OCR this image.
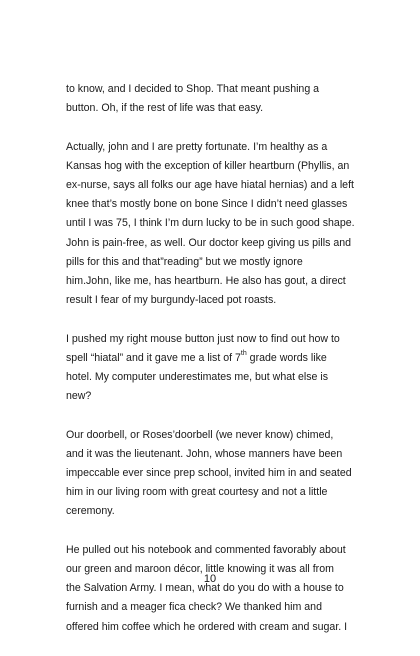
to know, and I decided to Shop. That meant pushing a
button. Oh, if the rest of life was that easy.

Actually, john and I are pretty fortunate. I’m healthy as a
Kansas hog with the exception of killer heartburn (Phyllis, an
ex-nurse, says all folks our age have hiatal hernias) and a left
knee that’s mostly bone on bone Since I didn’t need glasses
until I was 75, I think I’m durn lucky to be in such good shape.
John is pain-free, as well. Our doctor keep giving us pills and
pills for this and that”reading” but we mostly ignore
him.John, like me, has heartburn. He also has gout, a direct
result I fear of my burgundy-laced pot roasts.

I pushed my right mouse button just now to find out how to
spell “hiatal” and it gave me a list of 7th grade words like
hotel. My computer underestimates me, but what else is
new?

Our doorbell, or Roses’doorbell (we never know) chimed,
and it was the lieutenant. John, whose manners have been
impeccable ever since prep school, invited him in and seated
him in our living room with great courtesy and not a little
ceremony.

He pulled out his notebook and commented favorably about
our green and maroon décor, little knowing it was all from
the Salvation Army. I mean, what do you do with a house to
furnish and a meager fica check? We thanked him and
offered him coffee which he ordered with cream and sugar. I

10
